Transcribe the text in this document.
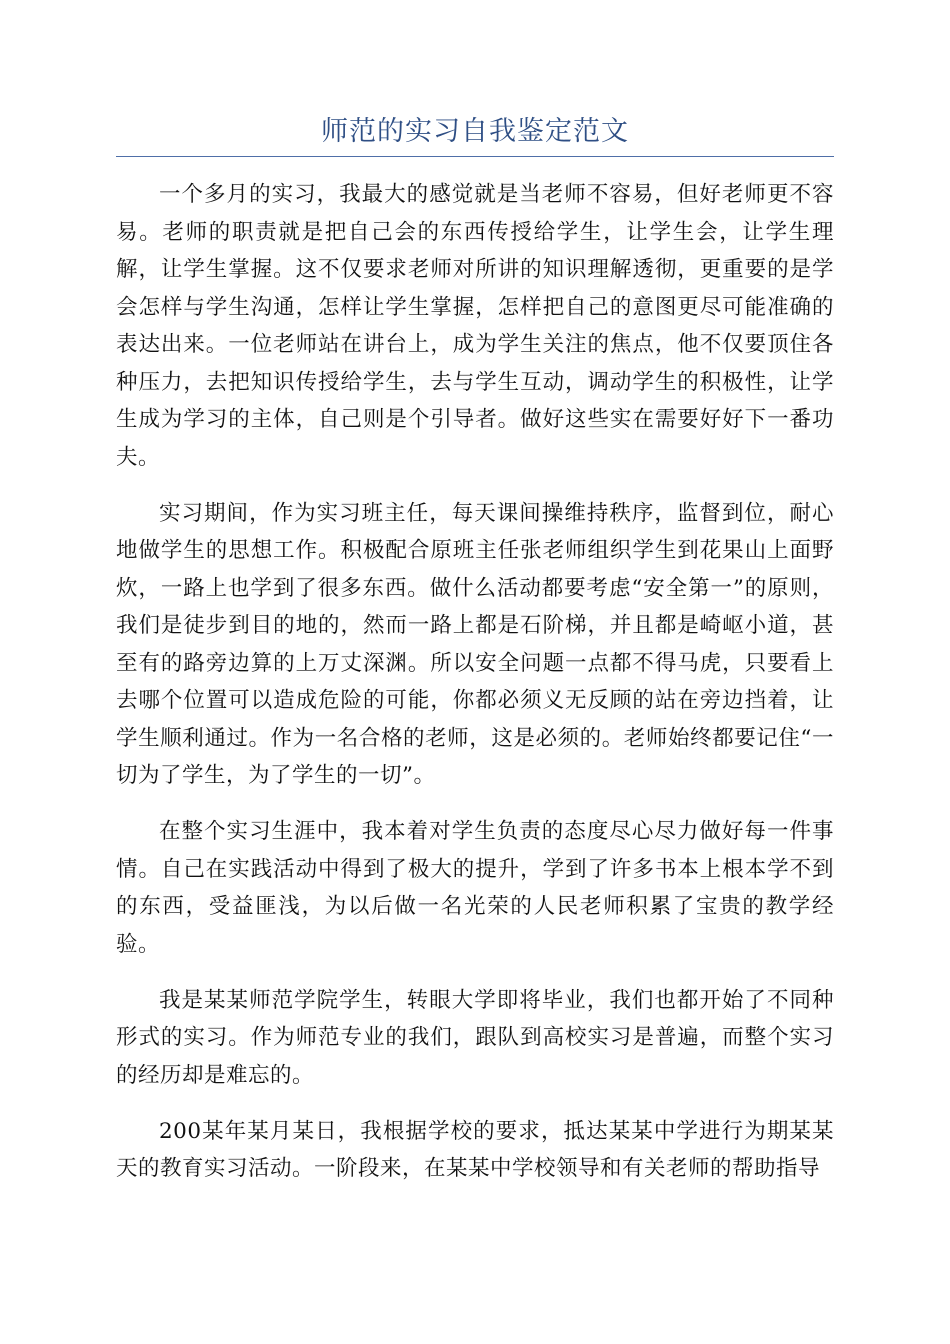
师范的实习自我鉴定范文

一个多月的实习，我最大的感觉就是当老师不容易，但好老师更不容易。老师的职责就是把自己会的东西传授给学生，让学生会，让学生理解，让学生掌握。这不仅要求老师对所讲的知识理解透彻，更重要的是学会怎样与学生沟通，怎样让学生掌握，怎样把自己的意图更尽可能准确的表达出来。一位老师站在讲台上，成为学生关注的焦点，他不仅要顶住各种压力，去把知识传授给学生，去与学生互动，调动学生的积极性，让学生成为学习的主体，自己则是个引导者。做好这些实在需要好好下一番功夫。

实习期间，作为实习班主任，每天课间操维持秩序，监督到位，耐心地做学生的思想工作。积极配合原班主任张老师组织学生到花果山上面野炊，一路上也学到了很多东西。做什么活动都要考虑“安全第一”的原则，我们是徒步到目的地的，然而一路上都是石阶梯，并且都是崎岖小道，甚至有的路旁边算的上万丈深渊。所以安全问题一点都不得马虎，只要看上去哪个位置可以造成危险的可能，你都必须义无反顾的站在旁边挡着，让学生顺利通过。作为一名合格的老师，这是必须的。老师始终都要记住“一切为了学生，为了学生的一切”。

在整个实习生涯中，我本着对学生负责的态度尽心尽力做好每一件事情。自己在实践活动中得到了极大的提升，学到了许多书本上根本学不到的东西，受益匪浅，为以后做一名光荣的人民老师积累了宝贵的教学经验。

我是某某师范学院学生，转眼大学即将毕业，我们也都开始了不同种形式的实习。作为师范专业的我们，跟队到高校实习是普遍，而整个实习的经历却是难忘的。

200某年某月某日，我根据学校的要求，抵达某某中学进行为期某某天的教育实习活动。一阶段来，在某某中学校领导和有关老师的帮助指导
